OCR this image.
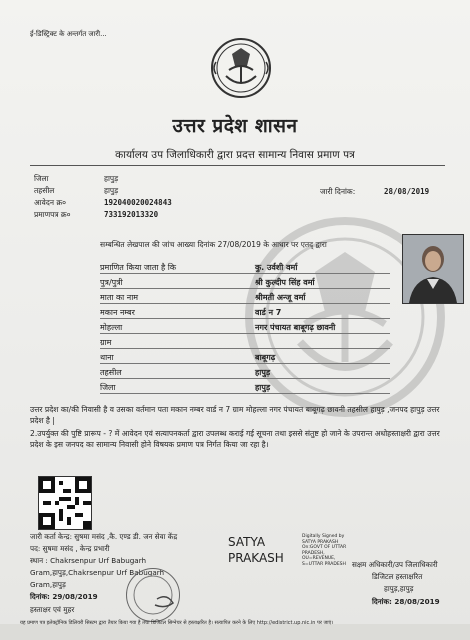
ई-डिस्ट्रिक्ट के अन्तर्गत जारी...
उत्तर प्रदेश शासन
कार्यालय उप जिलाधिकारी द्वारा प्रदत्त सामान्य निवास प्रमाण पत्र
जिला	हापुड़
तहसील	हापुड़
आवेदन क्र०	192040020024843
प्रमाणपत्र क्र०	733192013320
जारी दिनांक:	28/08/2019
सम्बन्धित लेखपाल की जांच आख्या दिनांक 27/08/2019 के आधार पर एतद् द्वारा
प्रमाणित किया जाता है कि	कु. उर्वशी वर्मा
पुत्र/पुत्री	श्री कुल्दीप सिंह वर्मा
माता का नाम	श्रीमती अन्जू वर्मा
मकान नम्बर	वार्ड न 7
मोहल्ला	नगर पंचायत बाबूगढ़ छावनी
ग्राम
थाना	बाबूगढ़
तहसील	हापुड़
जिला	हापुड़
उत्तर प्रदेश का/की निवासी है व उसका वर्तमान पता मकान नम्बर वार्ड न 7 ग्राम मोहल्ला नगर पंचायत बाबूगढ़ छावनी तहसील हापुड़ ,जनपद हापुड़ उत्तर प्रदेश है |
2.उपर्युक्त की पुष्टि प्रारूप - ? में आवेदन एवं सत्यापनकर्ता द्वारा उपलब्ध कराई गई सूचना तथा इससे संतुष्ट हो जाने के उपरान्त अधोहस्ताक्षरी द्वारा उत्तर प्रदेश के इस जनपद का सामान्य निवासी होने विषयक प्रमाण पत्र निर्गत किया जा रहा है।
जारी कर्ता केन्द्र: सुषमा मसंद ,कै. एण्ड डी. जन सेवा केंद्र
पद: सुषमा मसंद , केन्द्र प्रभारी
स्थान : Chakrsenpur Urf Babugarh
Gram,हापुड़,Chakrsenpur Urf Babugarh
Gram,हापुड़
दिनांक: 29/08/2019
हस्ताक्षर एवं मुहर
SATYA PRAKASH
Digitally Signed by SATYA PRAKASH On:GOVT OF UTTAR PRADESH, OU=REVENUE, S=UTTAR PRADESH सक्षम अधिकारी/उप जिलाधिकारी
डिजिटल हस्ताक्षरित
हापुड़,हापुड़
दिनांक: 28/08/2019
यह प्रमाण पत्र इलेक्ट्रॉनिक डिलिवरी सिस्टम द्वारा तैयार किया गया है तथा डिजिटल सिग्नेचर से हस्ताक्षरित है। सत्यापित करने के लिए http://edistrict.up.nic.in पर जाएं।
